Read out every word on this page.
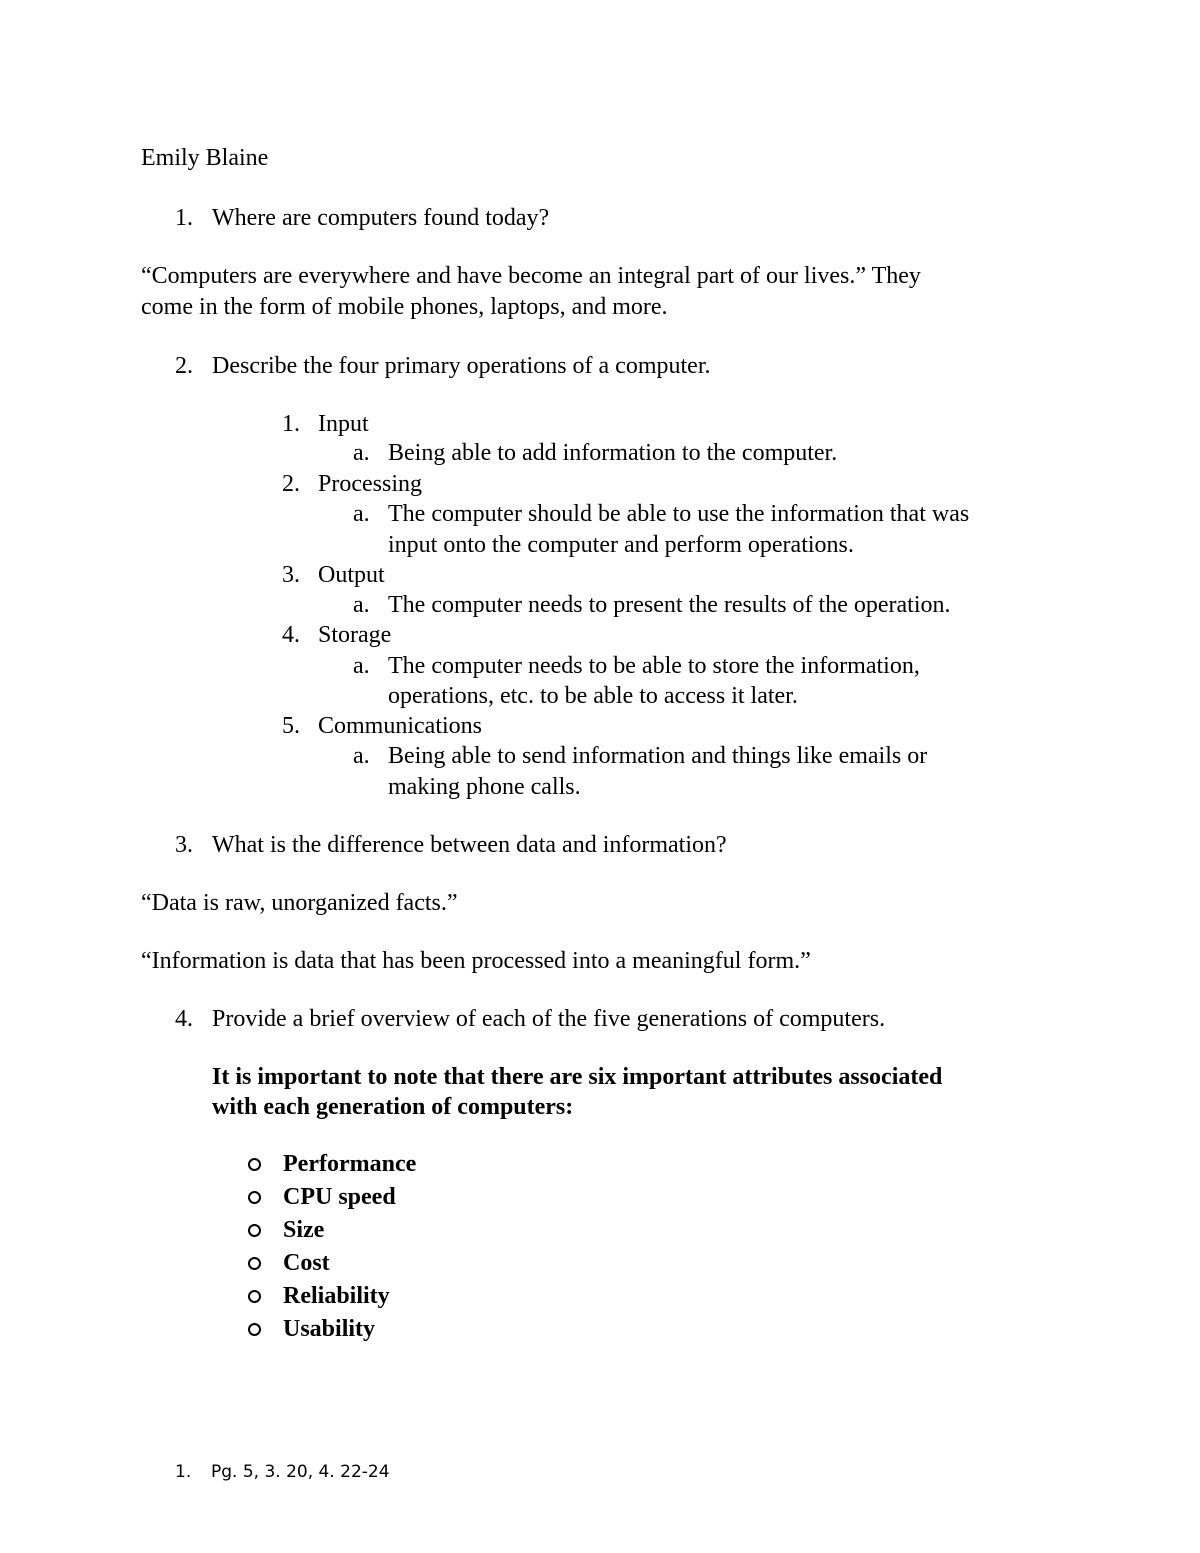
Emily Blaine
1. Where are computers found today?
“Computers are everywhere and have become an integral part of our lives.” They
come in the form of mobile phones, laptops, and more.
2. Describe the four primary operations of a computer.
1. Input
a. Being able to add information to the computer.
2. Processing
a. The computer should be able to use the information that was
input onto the computer and perform operations.
3. Output
a. The computer needs to present the results of the operation.
4. Storage
a. The computer needs to be able to store the information,
operations, etc. to be able to access it later.
5. Communications
a. Being able to send information and things like emails or
making phone calls.
3. What is the difference between data and information?
“Data is raw, unorganized facts.”
“Information is data that has been processed into a meaningful form.”
4. Provide a brief overview of each of the five generations of computers.
It is important to note that there are six important attributes associated
with each generation of computers:
Performance
CPU speed
Size
Cost
Reliability
Usability
1. Pg. 5, 3. 20, 4. 22-24
